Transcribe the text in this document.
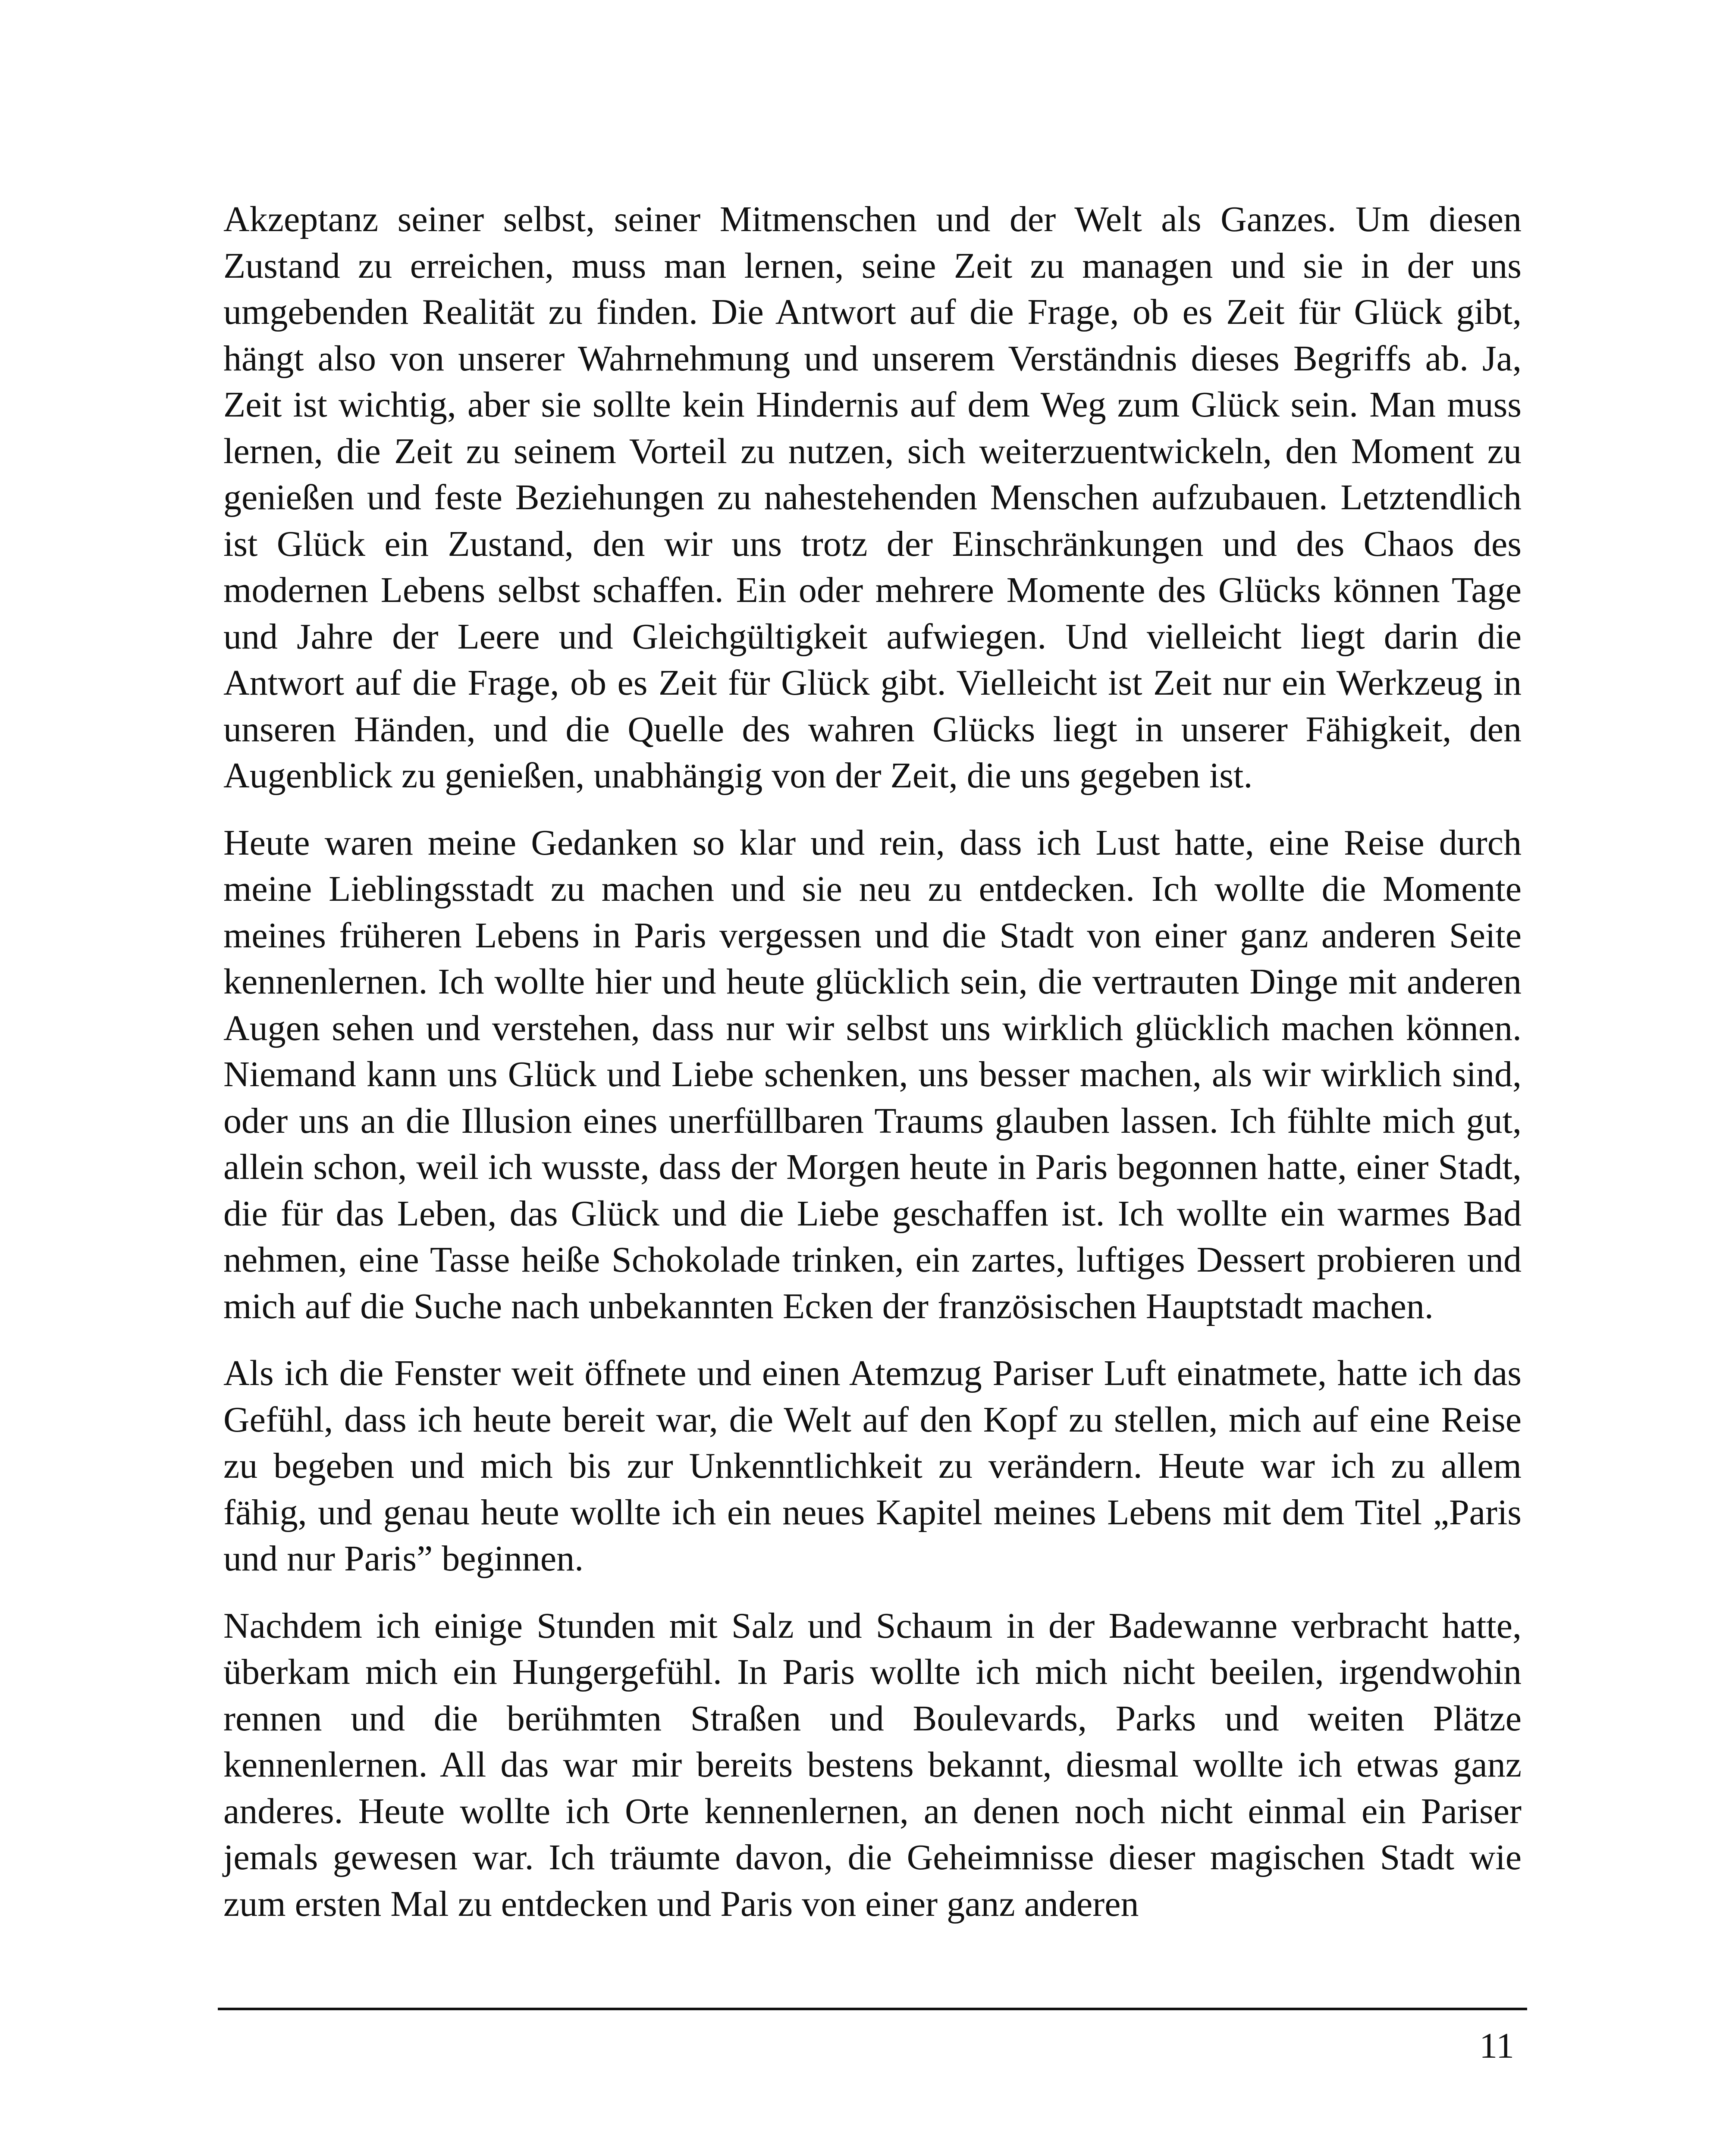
Akzeptanz seiner selbst, seiner Mitmenschen und der Welt als Ganzes. Um diesen Zustand zu erreichen, muss man lernen, seine Zeit zu managen und sie in der uns umgebenden Realität zu finden. Die Antwort auf die Frage, ob es Zeit für Glück gibt, hängt also von unserer Wahrnehmung und unserem Verständnis dieses Begriffs ab. Ja, Zeit ist wichtig, aber sie sollte kein Hindernis auf dem Weg zum Glück sein. Man muss lernen, die Zeit zu seinem Vorteil zu nutzen, sich weiterzuentwickeln, den Moment zu genießen und feste Beziehungen zu nahestehenden Menschen aufzubauen. Letztendlich ist Glück ein Zustand, den wir uns trotz der Einschränkungen und des Chaos des modernen Lebens selbst schaffen. Ein oder mehrere Momente des Glücks können Tage und Jahre der Leere und Gleichgültigkeit aufwiegen. Und vielleicht liegt darin die Antwort auf die Frage, ob es Zeit für Glück gibt. Vielleicht ist Zeit nur ein Werkzeug in unseren Händen, und die Quelle des wahren Glücks liegt in unserer Fähigkeit, den Augenblick zu genießen, unabhängig von der Zeit, die uns gegeben ist.

Heute waren meine Gedanken so klar und rein, dass ich Lust hatte, eine Reise durch meine Lieblingsstadt zu machen und sie neu zu entdecken. Ich wollte die Momente meines früheren Lebens in Paris vergessen und die Stadt von einer ganz anderen Seite kennenlernen. Ich wollte hier und heute glücklich sein, die vertrauten Dinge mit anderen Augen sehen und verstehen, dass nur wir selbst uns wirklich glücklich machen können. Niemand kann uns Glück und Liebe schenken, uns besser machen, als wir wirklich sind, oder uns an die Illusion eines unerfüllbaren Traums glauben lassen. Ich fühlte mich gut, allein schon, weil ich wusste, dass der Morgen heute in Paris begonnen hatte, einer Stadt, die für das Leben, das Glück und die Liebe geschaffen ist. Ich wollte ein warmes Bad nehmen, eine Tasse heiße Schokolade trinken, ein zartes, luftiges Dessert probieren und mich auf die Suche nach unbekannten Ecken der französischen Hauptstadt machen.

Als ich die Fenster weit öffnete und einen Atemzug Pariser Luft einatmete, hatte ich das Gefühl, dass ich heute bereit war, die Welt auf den Kopf zu stellen, mich auf eine Reise zu begeben und mich bis zur Unkenntlichkeit zu verändern. Heute war ich zu allem fähig, und genau heute wollte ich ein neues Kapitel meines Lebens mit dem Titel „Paris und nur Paris” beginnen.

Nachdem ich einige Stunden mit Salz und Schaum in der Badewanne verbracht hatte, überkam mich ein Hungergefühl. In Paris wollte ich mich nicht beeilen, irgendwohin rennen und die berühmten Straßen und Boulevards, Parks und weiten Plätze kennenlernen. All das war mir bereits bestens bekannt, diesmal wollte ich etwas ganz anderes. Heute wollte ich Orte kennenlernen, an denen noch nicht einmal ein Pariser jemals gewesen war. Ich träumte davon, die Geheimnisse dieser magischen Stadt wie zum ersten Mal zu entdecken und Paris von einer ganz anderen

11
